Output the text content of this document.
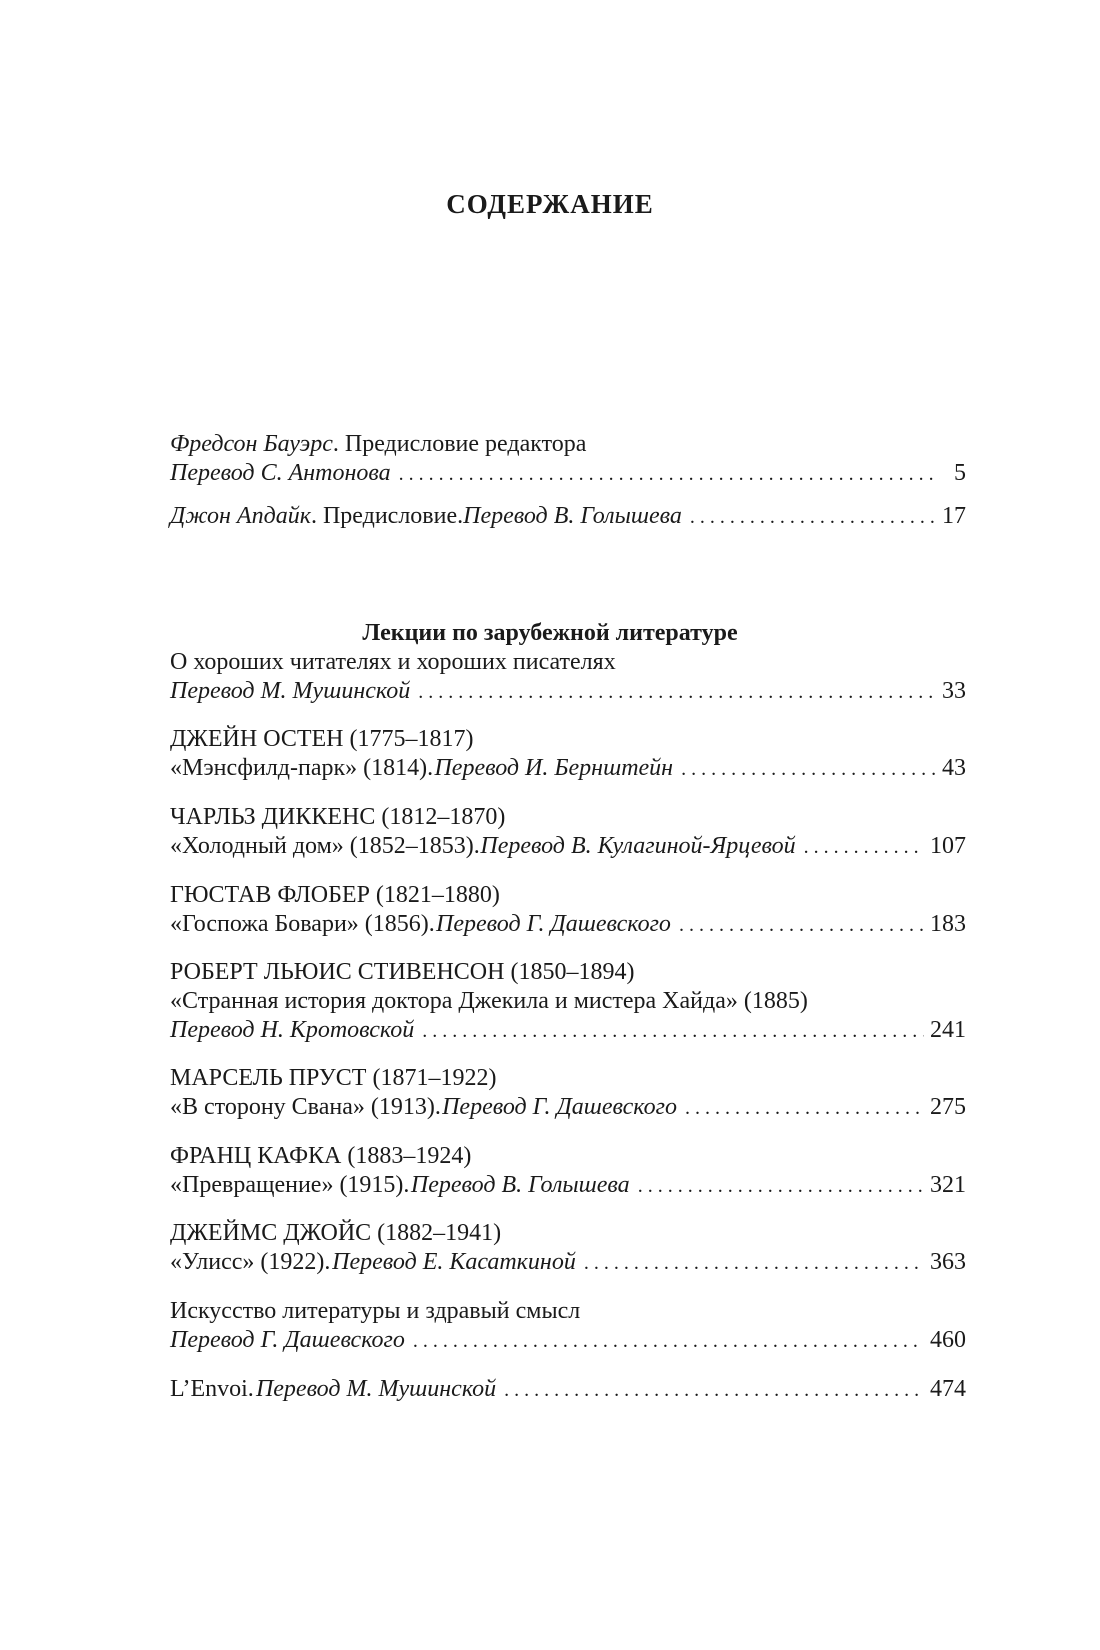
СОДЕРЖАНИЕ
Фредсон Бауэрс . Предисловие редактора
Перевод С. Антонова . . .	5
Джон Апдайк . Предисловие. Перевод В. Голышева . . .	17
Лекции по зарубежной литературе
О хороших читателях и хороших писателях
Перевод М. Мушинской . . .	33
ДЖЕЙН ОСТЕН (1775–1817)
«Мэнсфилд-парк» (1814). Перевод И. Бернштейн . . .	43
ЧАРЛЬЗ ДИККЕНС (1812–1870)
«Холодный дом» (1852–1853). Перевод В. Кулагиной-Ярцевой . . .	107
ГЮСТАВ ФЛОБЕР (1821–1880)
«Госпожа Бовари» (1856). Перевод Г. Дашевского . . .	183
РОБЕРТ ЛЬЮИС СТИВЕНСОН (1850–1894)
«Странная история доктора Джекила и мистера Хайда» (1885)
Перевод Н. Кротовской . . .	241
МАРСЕЛЬ ПРУСТ (1871–1922)
«В сторону Свана» (1913). Перевод Г. Дашевского . . .	275
ФРАНЦ КАФКА (1883–1924)
«Превращение» (1915). Перевод В. Голышева . . .	321
ДЖЕЙМС ДЖОЙС (1882–1941)
«Улисс» (1922). Перевод Е. Касаткиной . . .	363
Искусство литературы и здравый смысл
Перевод Г. Дашевского . . .	460
L’Envoi. Перевод М. Мушинской . . .	474
